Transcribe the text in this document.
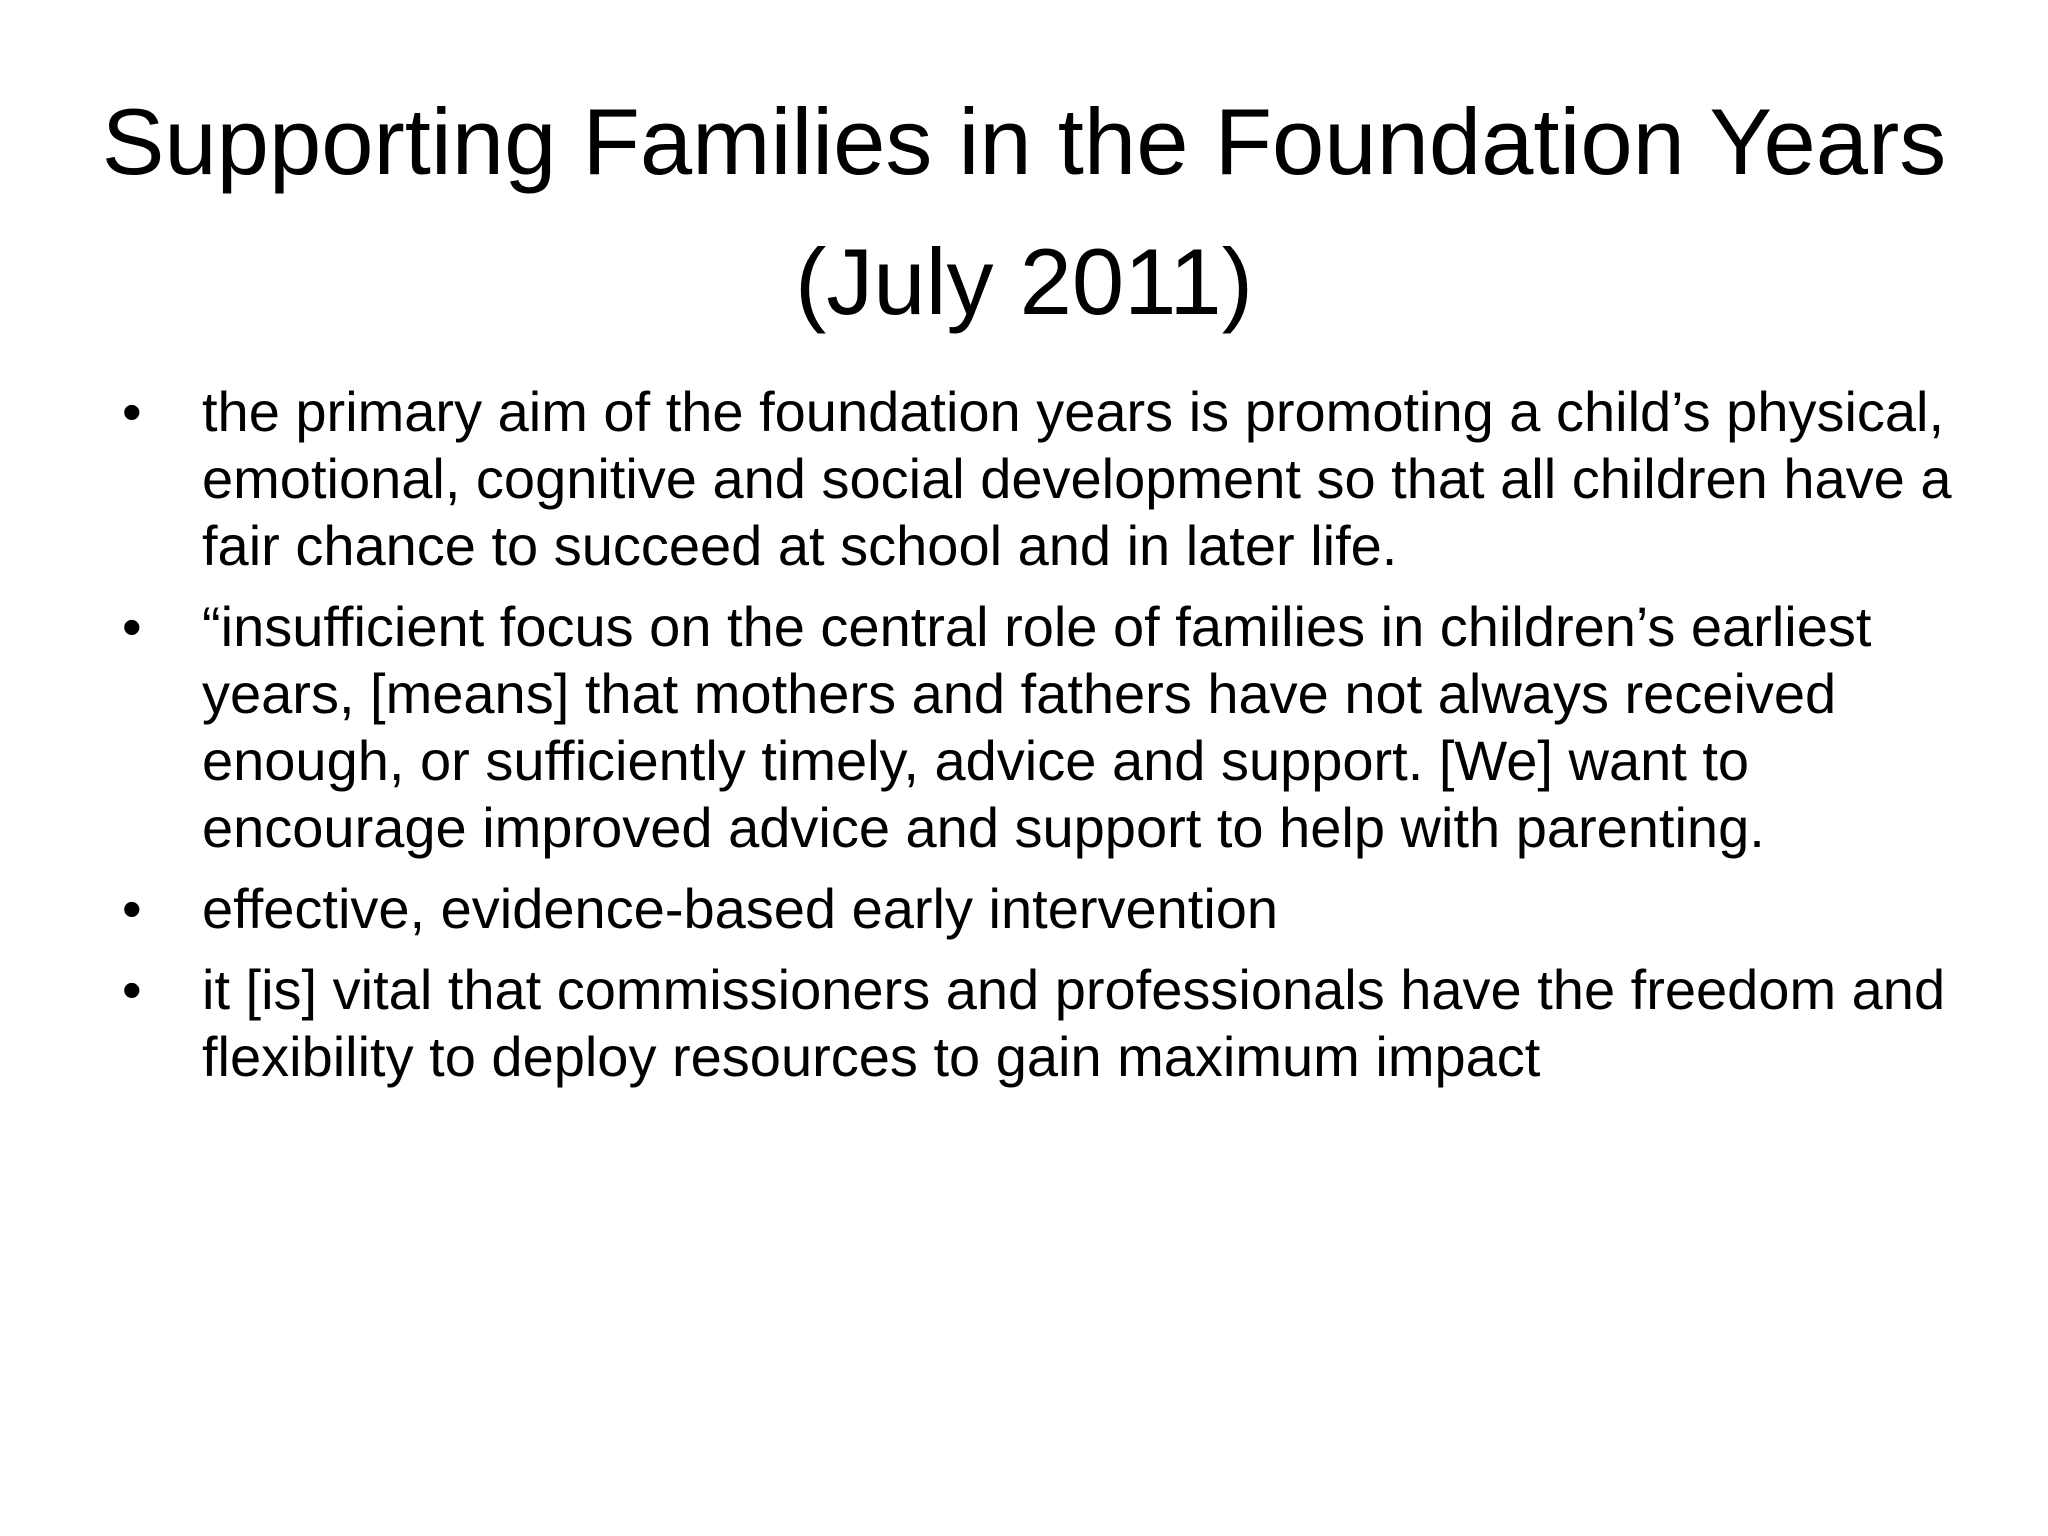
Supporting Families in the Foundation Years (July 2011)
•	the primary aim of the foundation years is promoting a child’s physical, emotional, cognitive and social development so that all children have a fair chance to succeed at school and in later life.
•	“insufficient focus on the central role of families in children’s earliest years, [means] that mothers and fathers have not always received enough, or sufficiently timely, advice and support. [We] want to encourage improved advice and support to help with parenting.
•	effective, evidence-based early intervention
•	it [is] vital that commissioners and professionals have the freedom and flexibility to deploy resources to gain maximum impact
